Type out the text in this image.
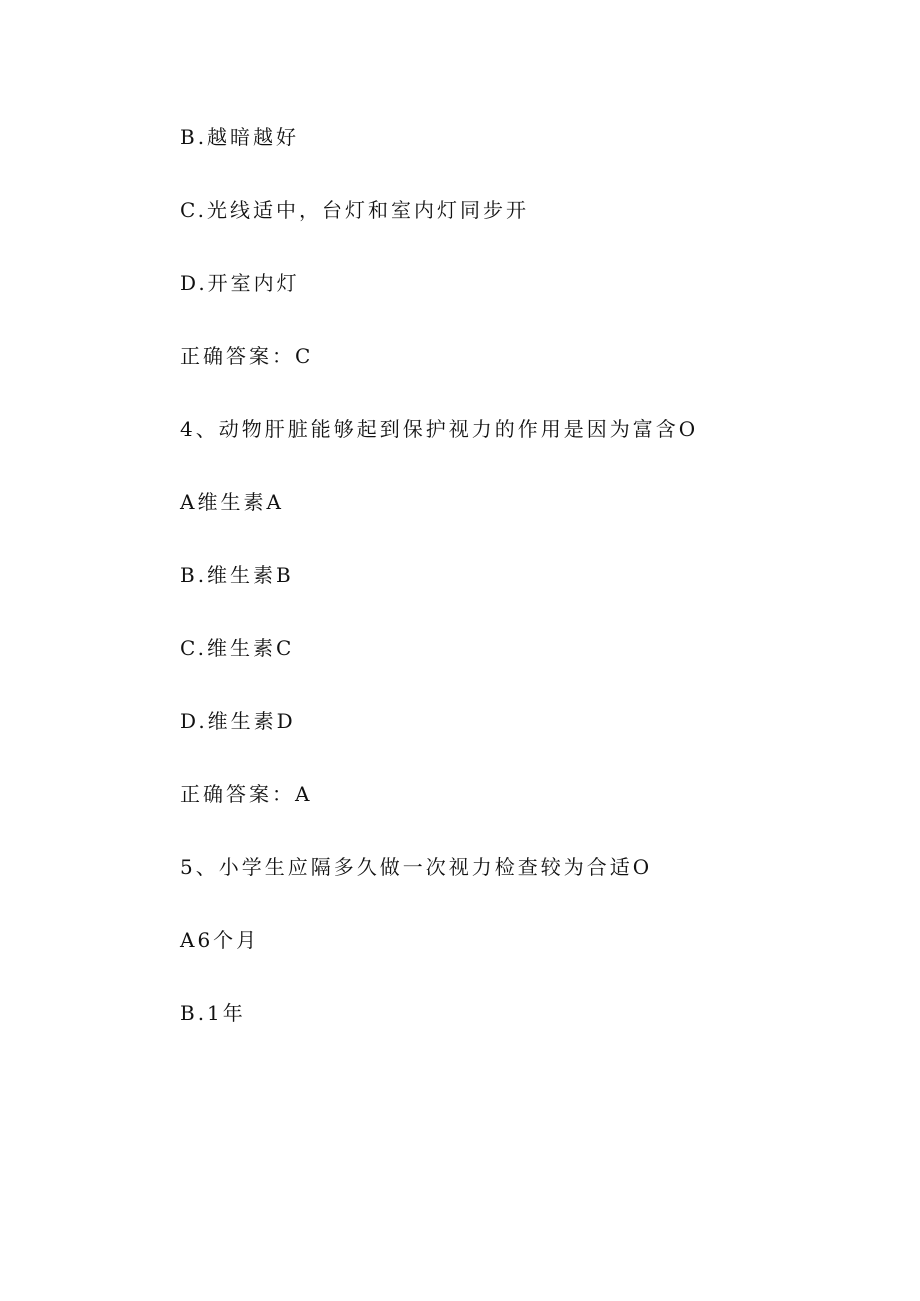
B.越暗越好
C.光线适中，台灯和室内灯同步开
D.开室内灯
正确答案：C
4、动物肝脏能够起到保护视力的作用是因为富含O
A维生素A
B.维生素B
C.维生素C
D.维生素D
正确答案：A
5、小学生应隔多久做一次视力检查较为合适O
A6个月
B.1年
